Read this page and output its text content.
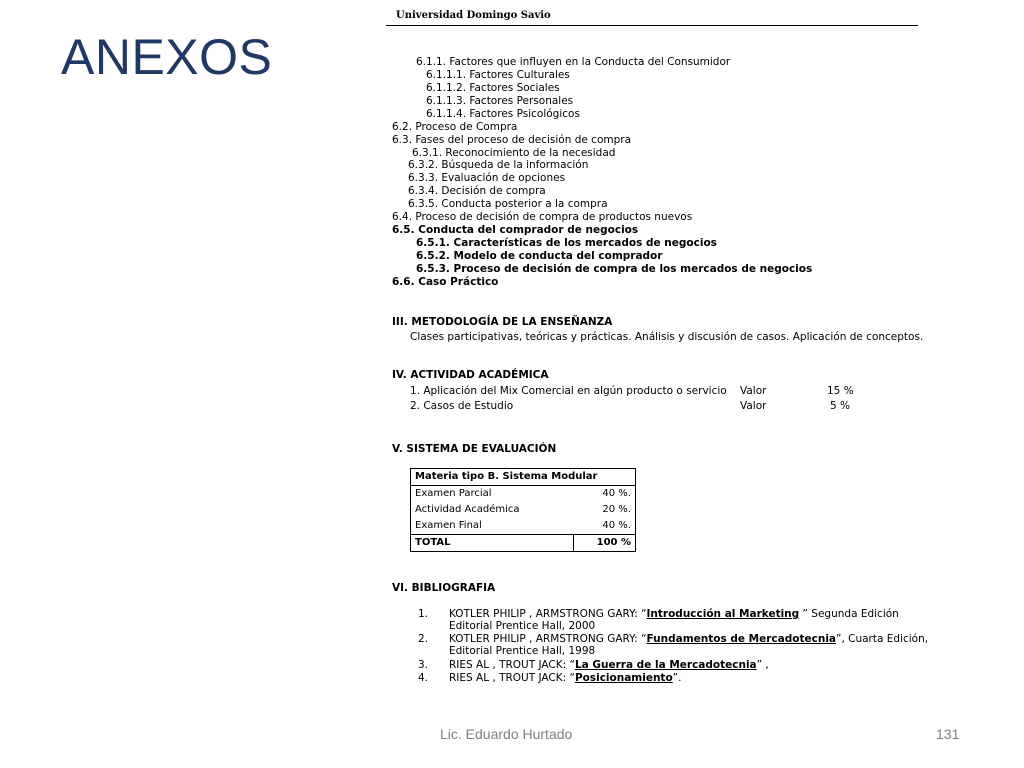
ANEXOS
Universidad Domingo Savio
6.1.1. Factores que influyen en la Conducta del Consumidor
6.1.1.1. Factores Culturales
6.1.1.2. Factores Sociales
6.1.1.3. Factores Personales
6.1.1.4. Factores Psicológicos
6.2. Proceso de Compra
6.3. Fases del proceso de decisión de compra
6.3.1. Reconocimiento de la necesidad
6.3.2. Búsqueda de la información
6.3.3. Evaluación de opciones
6.3.4. Decisión de compra
6.3.5. Conducta posterior a la compra
6.4. Proceso de decisión de compra de productos nuevos
6.5. Conducta del comprador de negocios
6.5.1. Características de los mercados de negocios
6.5.2. Modelo de conducta del comprador
6.5.3. Proceso de decisión de compra de los mercados de negocios
6.6. Caso Práctico
III. METODOLOGÍA DE LA ENSEÑANZA
Clases participativas, teóricas y prácticas. Análisis y discusión de casos. Aplicación de conceptos.
IV. ACTIVIDAD ACADÉMICA
1. Aplicación del Mix Comercial en algún producto o servicio Valor	15 %
2. Casos de Estudio	Valor	5 %
V. SISTEMA DE EVALUACIÓN
Materia tipo B. Sistema Modular	
Examen Parcial	40 %.
Actividad Académica	20 %.
Examen Final	40 %.
TOTAL	100 %
VI. BIBLIOGRAFIA
1. KOTLER PHILIP , ARMSTRONG GARY: “Introducción al Marketing ” Segunda Edición
Editorial Prentice Hall, 2000
2. KOTLER PHILIP , ARMSTRONG GARY: “Fundamentos de Mercadotecnia”, Cuarta Edición,
Editorial Prentice Hall, 1998
3. RIES AL , TROUT JACK: “La Guerra de la Mercadotecnia” ,
4. RIES AL , TROUT JACK: “Posicionamiento”.
Lic. Eduardo Hurtado	131
